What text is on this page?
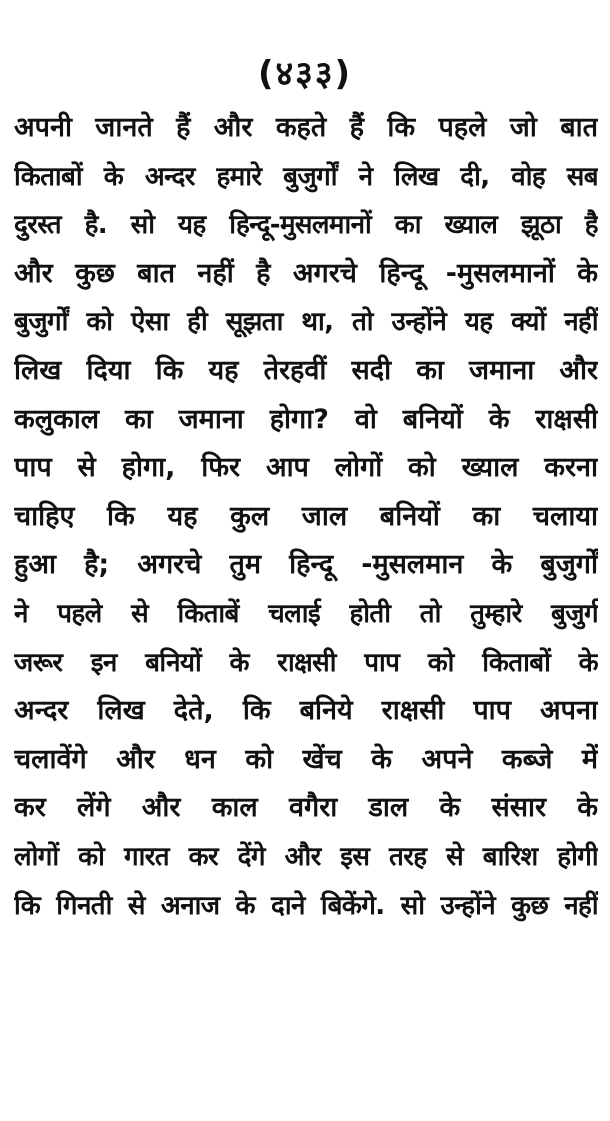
(४३३)
अपनी जानते हैं और कहते हैं कि पहले जो बात
किताबों के अन्दर हमारे बुजुर्गों ने लिख दी, वोह सब
दुरस्त है. सो यह हिन्दू-मुसलमानों का ख्याल झूठा है
और कुछ बात नहीं है अगरचे हिन्दू -मुसलमानों के
बुजुर्गों को ऐसा ही सूझता था, तो उन्होंने यह क्यों नहीं
लिख दिया कि यह तेरहवीं सदी का जमाना और
कलुकाल का जमाना होगा? वो बनियों के राक्षसी
पाप से होगा, फिर आप लोगों को ख्याल करना
चाहिए कि यह कुल जाल बनियों का चलाया
हुआ है; अगरचे तुम हिन्दू -मुसलमान के बुजुर्गों
ने पहले से किताबें चलाई होती तो तुम्हारे बुजुर्ग
जरूर इन बनियों के राक्षसी पाप को किताबों के
अन्दर लिख देते, कि बनिये राक्षसी पाप अपना
चलावेंगे और धन को खेंच के अपने कब्जे में
कर लेंगे और काल वगैरा डाल के संसार के
लोगों को गारत कर देंगे और इस तरह से बारिश होगी
कि गिनती से अनाज के दाने बिकेंगे. सो उन्होंने कुछ नहीं
